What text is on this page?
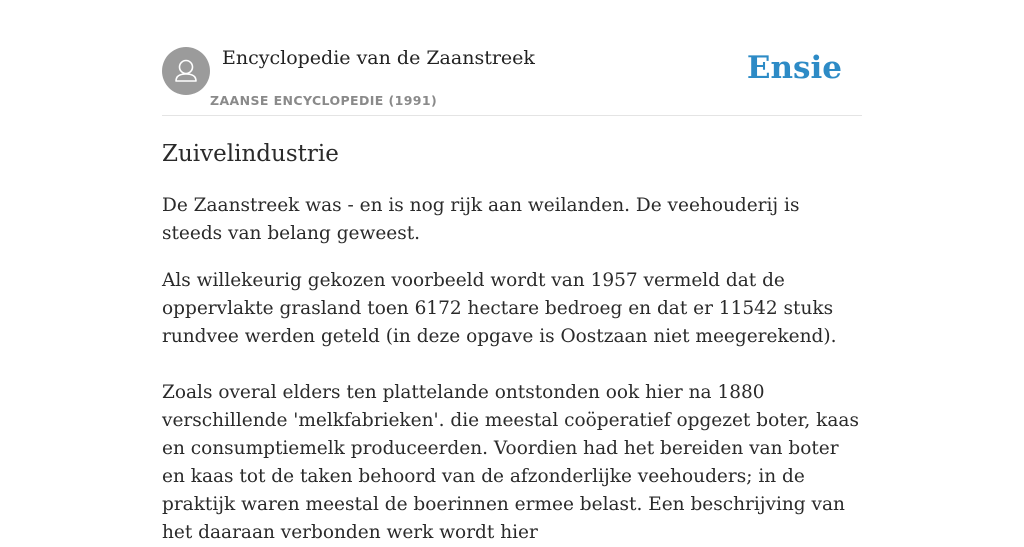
Encyclopedie van de Zaanstreek
ZAANSE ENCYCLOPEDIE (1991)
Ensie
Zuivelindustrie

De Zaanstreek was - en is nog rijk aan weilanden. De veehouderij is steeds van belang geweest.

Als willekeurig gekozen voorbeeld wordt van 1957 vermeld dat de oppervlakte grasland toen 6172 hectare bedroeg en dat er 11542 stuks rundvee werden geteld (in deze opgave is Oostzaan niet meegerekend).

Zoals overal elders ten plattelande ontstonden ook hier na 1880 verschillende 'melkfabrieken'. die meestal coöperatief opgezet boter, kaas en consumptiemelk produceerden. Voordien had het bereiden van boter en kaas tot de taken behoord van de afzonderlijke veehouders; in de praktijk waren meestal de boerinnen ermee belast. Een beschrijving van het daaraan verbonden werk wordt hier
